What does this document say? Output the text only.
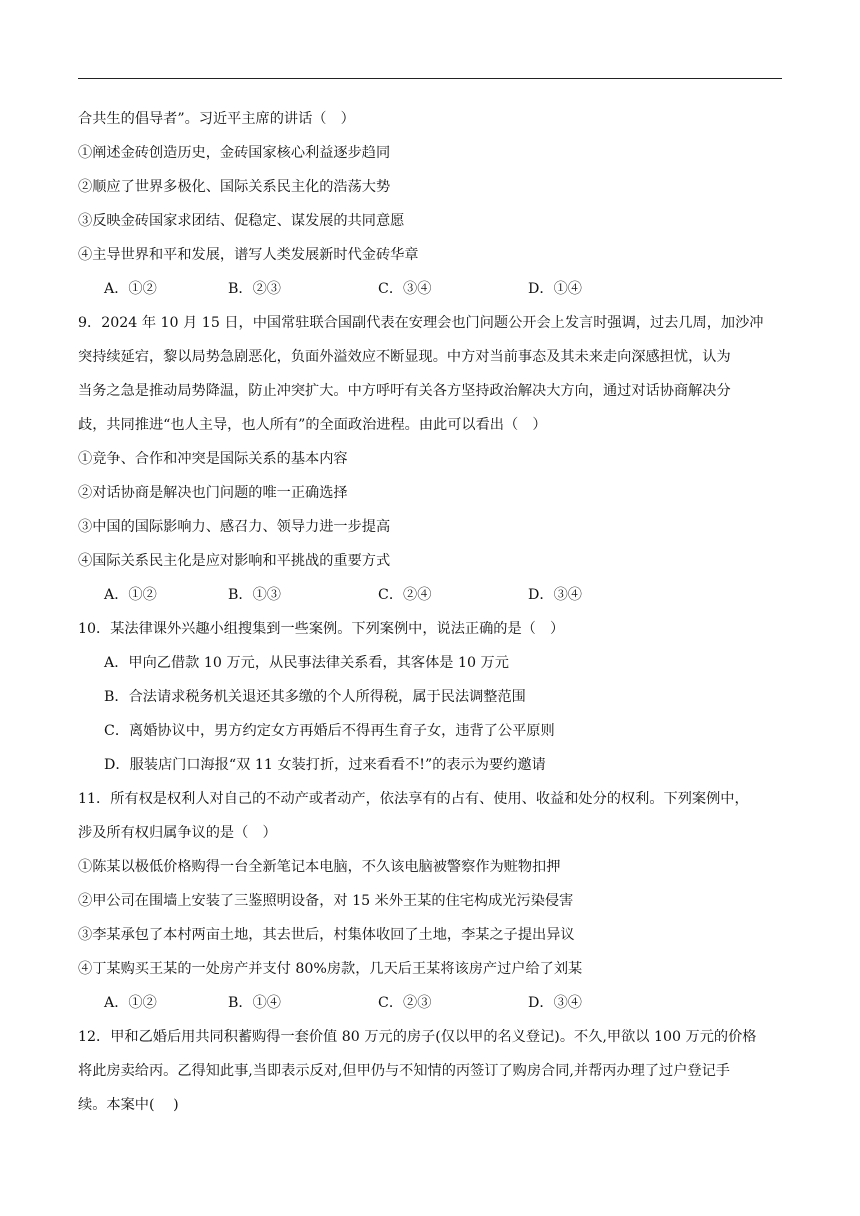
合共生的倡导者”。习近平主席的讲话（　）
①阐述金砖创造历史，金砖国家核心利益逐步趋同
②顺应了世界多极化、国际关系民主化的浩荡大势
③反映金砖国家求团结、促稳定、谋发展的共同意愿
④主导世界和平和发展，谱写人类发展新时代金砖华章
A．①②	B．②③	C．③④	D．①④
9．2024 年 10 月 15 日，中国常驻联合国副代表在安理会也门问题公开会上发言时强调，过去几周，加沙冲
突持续延宕，黎以局势急剧恶化，负面外溢效应不断显现。中方对当前事态及其未来走向深感担忧，认为
当务之急是推动局势降温，防止冲突扩大。中方呼吁有关各方坚持政治解决大方向，通过对话协商解决分
歧，共同推进“也人主导，也人所有”的全面政治进程。由此可以看出（　）
①竞争、合作和冲突是国际关系的基本内容
②对话协商是解决也门问题的唯一正确选择
③中国的国际影响力、感召力、领导力进一步提高
④国际关系民主化是应对影响和平挑战的重要方式
A．①②	B．①③	C．②④	D．③④
10．某法律课外兴趣小组搜集到一些案例。下列案例中，说法正确的是（　）
A．甲向乙借款 10 万元，从民事法律关系看，其客体是 10 万元
B．合法请求税务机关退还其多缴的个人所得税，属于民法调整范围
C．离婚协议中，男方约定女方再婚后不得再生育子女，违背了公平原则
D．服装店门口海报“双 11 女装打折，过来看看不!”的表示为要约邀请
11．所有权是权利人对自己的不动产或者动产，依法享有的占有、使用、收益和处分的权利。下列案例中，
涉及所有权归属争议的是（　）
①陈某以极低价格购得一台全新笔记本电脑，不久该电脑被警察作为赃物扣押
②甲公司在围墙上安装了三鉴照明设备，对 15 米外王某的住宅构成光污染侵害
③李某承包了本村两亩土地，其去世后，村集体收回了土地，李某之子提出异议
④丁某购买王某的一处房产并支付 80%房款，几天后王某将该房产过户给了刘某
A．①②	B．①④	C．②③	D．③④
12．甲和乙婚后用共同积蓄购得一套价值 80 万元的房子(仅以甲的名义登记)。不久,甲欲以 100 万元的价格
将此房卖给丙。乙得知此事,当即表示反对,但甲仍与不知情的丙签订了购房合同,并帮丙办理了过户登记手
续。本案中(　 )
